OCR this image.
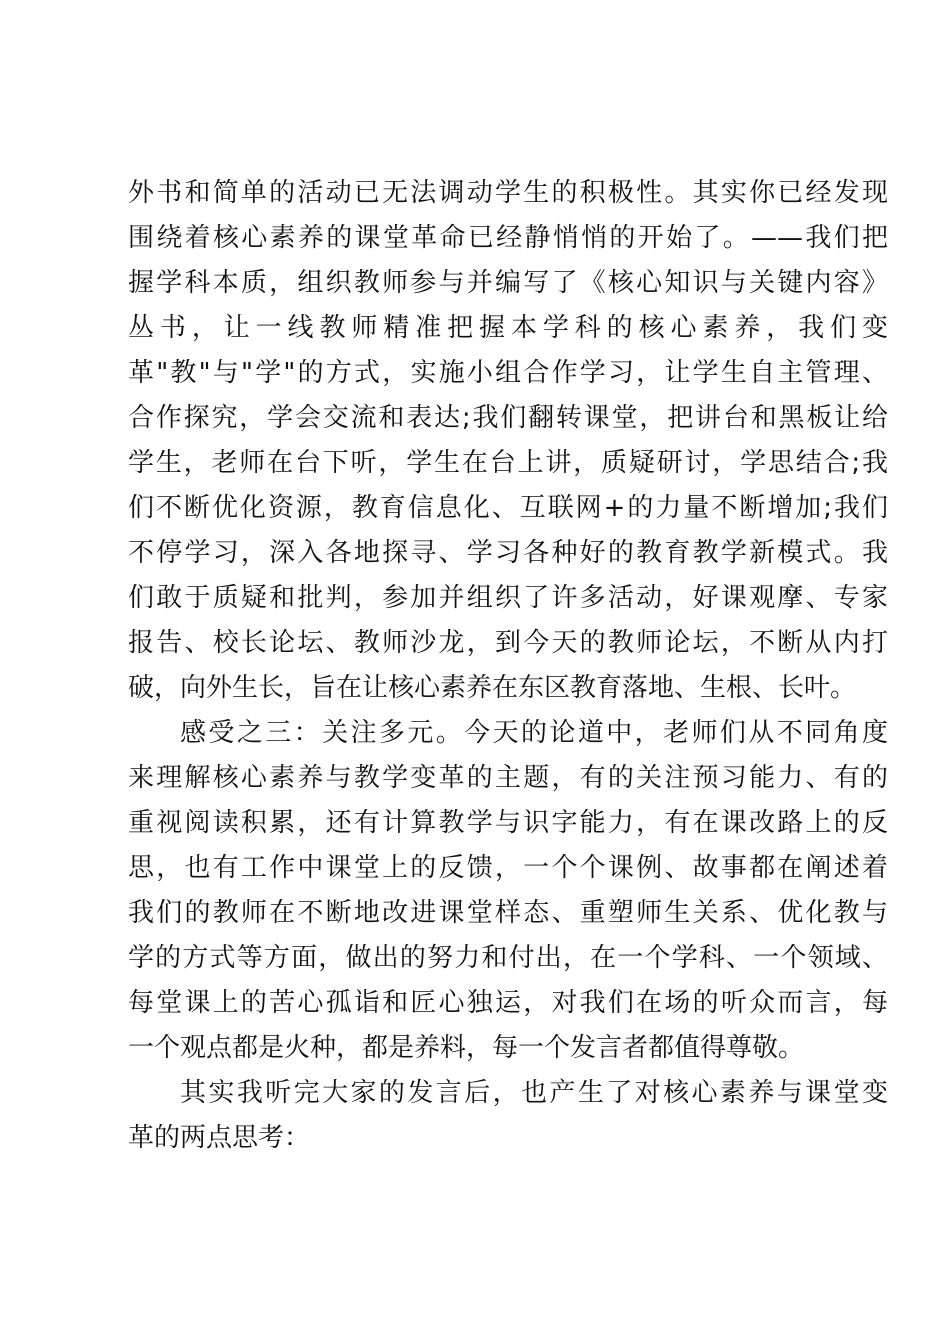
外书和简单的活动已无法调动学生的积极性。其实你已经发现
围绕着核心素养的课堂革命已经静悄悄的开始了。——我们把
握学科本质，组织教师参与并编写了《核心知识与关键内容》
丛书，让一线教师精准把握本学科的核心素养，我们变
革"教"与"学"的方式，实施小组合作学习，让学生自主管理、
合作探究，学会交流和表达;我们翻转课堂，把讲台和黑板让给
学生，老师在台下听，学生在台上讲，质疑研讨，学思结合;我
们不断优化资源，教育信息化、互联网+的力量不断增加;我们
不停学习，深入各地探寻、学习各种好的教育教学新模式。我
们敢于质疑和批判，参加并组织了许多活动，好课观摩、专家
报告、校长论坛、教师沙龙，到今天的教师论坛，不断从内打
破，向外生长，旨在让核心素养在东区教育落地、生根、长叶。
感受之三：关注多元。今天的论道中，老师们从不同角度
来理解核心素养与教学变革的主题，有的关注预习能力、有的
重视阅读积累，还有计算教学与识字能力，有在课改路上的反
思，也有工作中课堂上的反馈，一个个课例、故事都在阐述着
我们的教师在不断地改进课堂样态、重塑师生关系、优化教与
学的方式等方面，做出的努力和付出，在一个学科、一个领域、
每堂课上的苦心孤诣和匠心独运，对我们在场的听众而言，每
一个观点都是火种，都是养料，每一个发言者都值得尊敬。
其实我听完大家的发言后，也产生了对核心素养与课堂变
革的两点思考：
